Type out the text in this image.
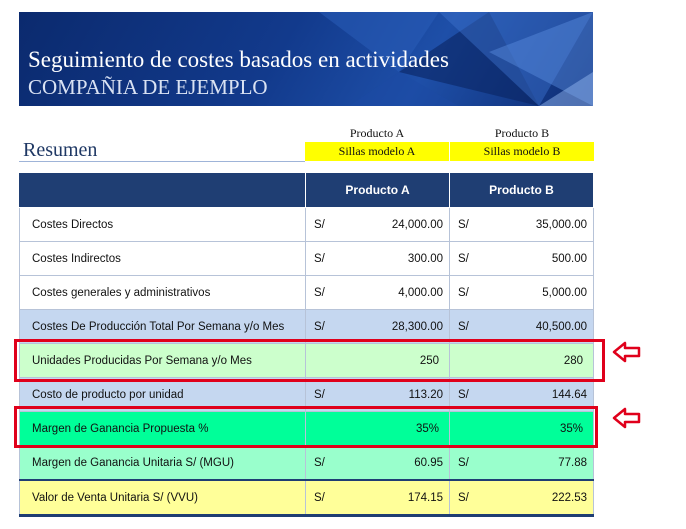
Seguimiento de costes basados en actividades
COMPAÑIA DE EJEMPLO
Resumen
Producto A	Producto B
Sillas modelo A	Sillas modelo B
	Producto A	Producto B
Costes Directos	S/ 24,000.00	S/ 35,000.00

Costes Indirectos	S/ 300.00	S/ 500.00

Costes generales y administrativos	S/ 4,000.00	S/ 5,000.00

Costes De Producción Total Por Semana y/o Mes	S/ 28,300.00	S/ 40,500.00

Unidades Producidas Por Semana y/o Mes	250	280

Costo de producto por unidad	S/ 113.20	S/ 144.64

Margen de Ganancia Propuesta %	35%	35%

Margen de Ganancia Unitaria S/ (MGU)	S/ 60.95	S/ 77.88

Valor de Venta Unitaria S/ (VVU)	S/ 174.15	S/ 222.53
